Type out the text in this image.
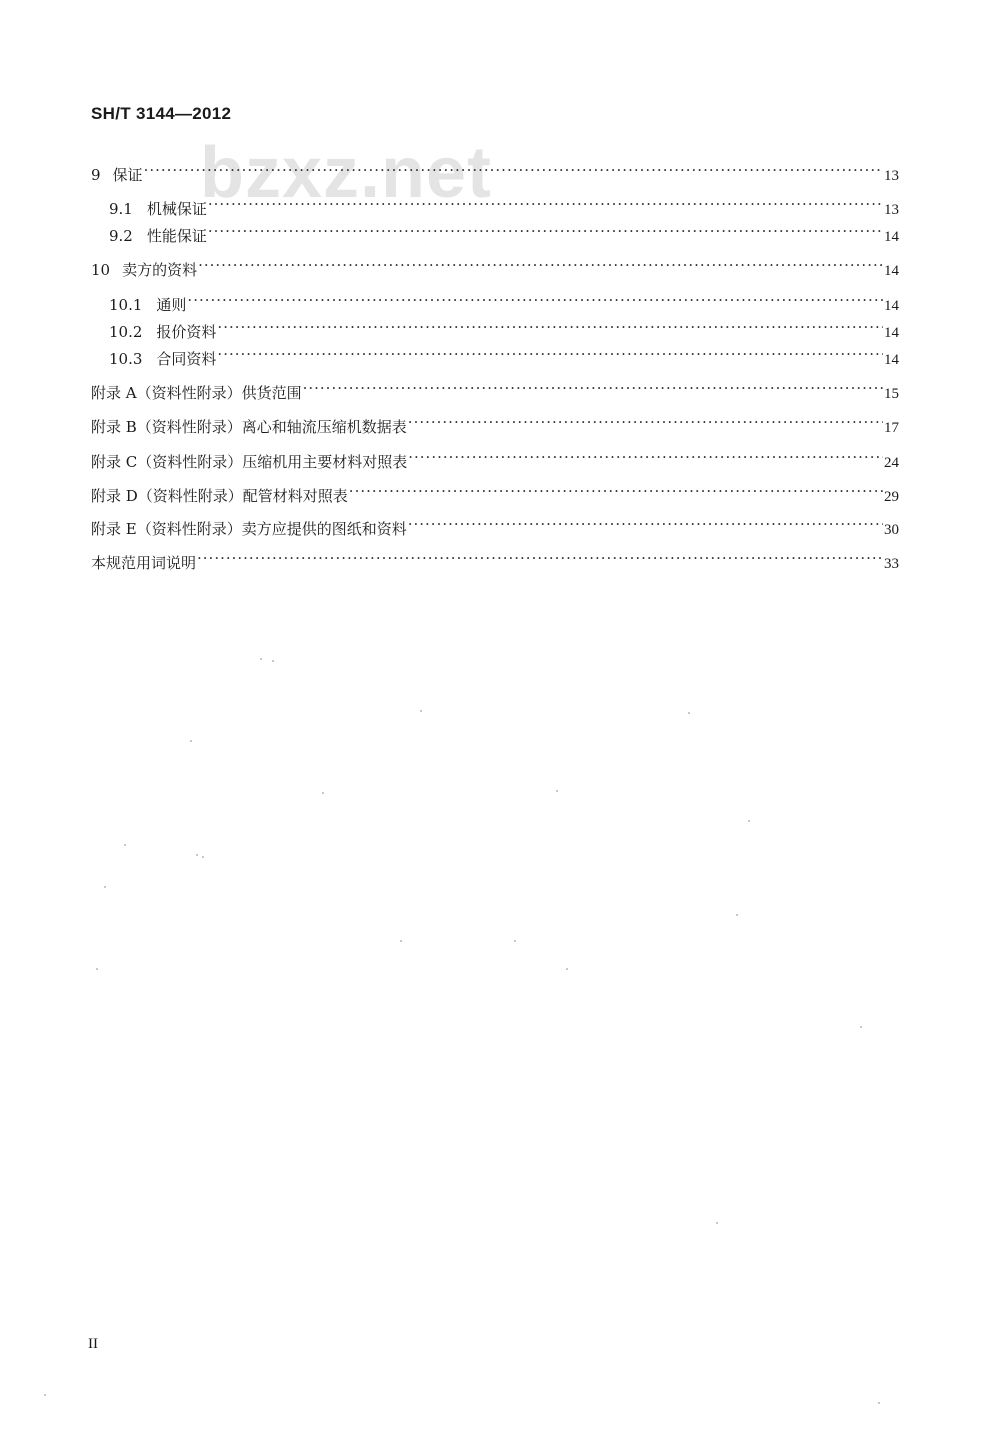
SH/T 3144—2012
bzxz.net
9 保证 ·····	13
9.1 机械保证 ·····	13
9.2 性能保证 ·····	14
10 卖方的资料 ·····	14
10.1 通则 ·····	14
10.2 报价资料 ·····	14
10.3 合同资料 ·····	14
附录 A（资料性附录）供货范围 ·····	15
附录 B（资料性附录）离心和轴流压缩机数据表 ·····	17
附录 C（资料性附录）压缩机用主要材料对照表 ·····	24
附录 D（资料性附录）配管材料对照表 ·····	29
附录 E（资料性附录）卖方应提供的图纸和资料 ·····	30
本规范用词说明 ·····	33
II
